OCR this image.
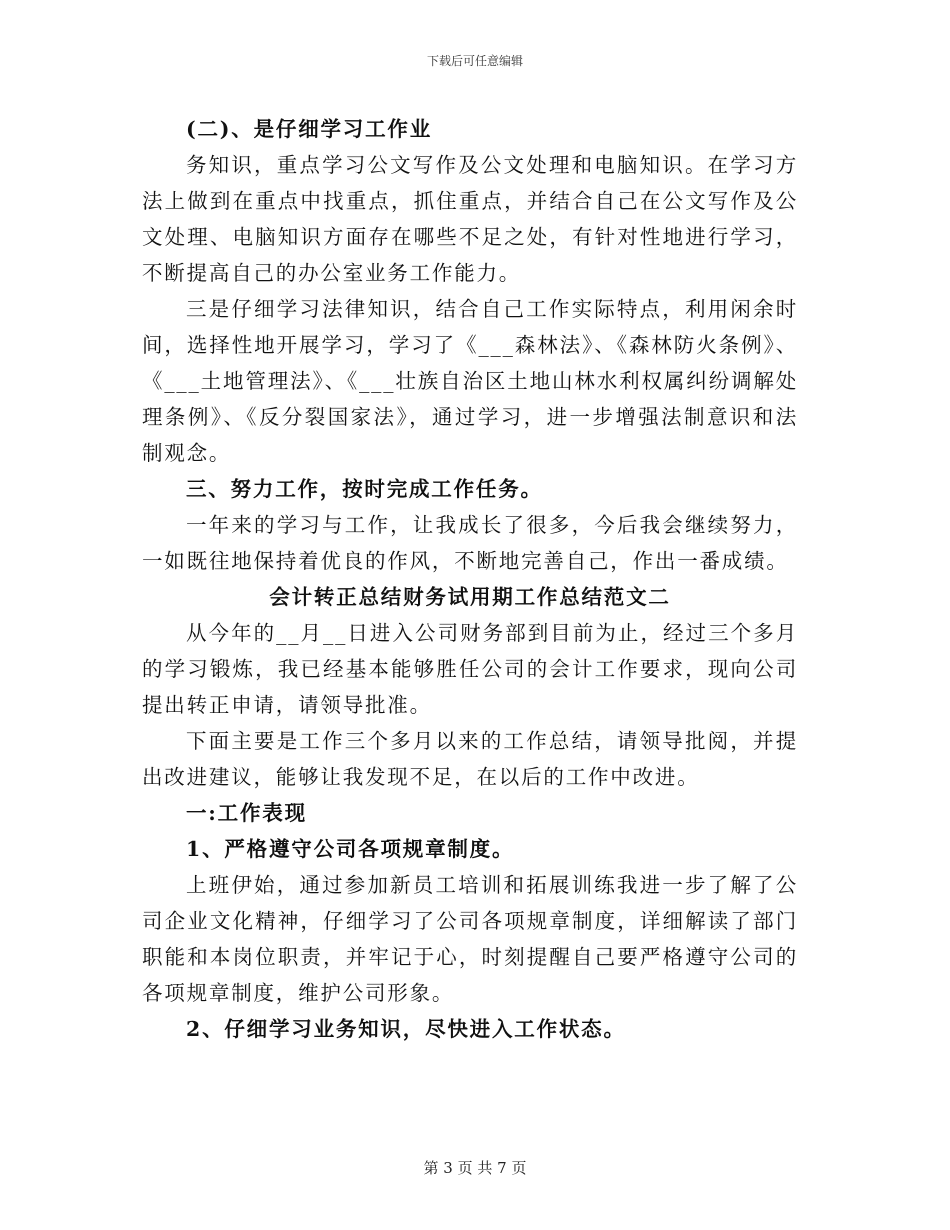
下载后可任意编辑

(二)、是仔细学习工作业

务知识，重点学习公文写作及公文处理和电脑知识。在学习方法上做到在重点中找重点，抓住重点，并结合自己在公文写作及公文处理、电脑知识方面存在哪些不足之处，有针对性地进行学习，不断提高自己的办公室业务工作能力。

三是仔细学习法律知识，结合自己工作实际特点，利用闲余时间，选择性地开展学习，学习了《___森林法》、《森林防火条例》、《___土地管理法》、《___壮族自治区土地山林水利权属纠纷调解处理条例》、《反分裂国家法》，通过学习，进一步增强法制意识和法制观念。

三、努力工作，按时完成工作任务。

一年来的学习与工作，让我成长了很多，今后我会继续努力，一如既往地保持着优良的作风，不断地完善自己，作出一番成绩。

会计转正总结财务试用期工作总结范文二

从今年的__月__日进入公司财务部到目前为止，经过三个多月的学习锻炼，我已经基本能够胜任公司的会计工作要求，现向公司提出转正申请，请领导批准。

下面主要是工作三个多月以来的工作总结，请领导批阅，并提出改进建议，能够让我发现不足，在以后的工作中改进。

一:工作表现

1、严格遵守公司各项规章制度。

上班伊始，通过参加新员工培训和拓展训练我进一步了解了公司企业文化精神，仔细学习了公司各项规章制度，详细解读了部门职能和本岗位职责，并牢记于心，时刻提醒自己要严格遵守公司的各项规章制度，维护公司形象。

2、仔细学习业务知识，尽快进入工作状态。

第 3 页 共 7 页
